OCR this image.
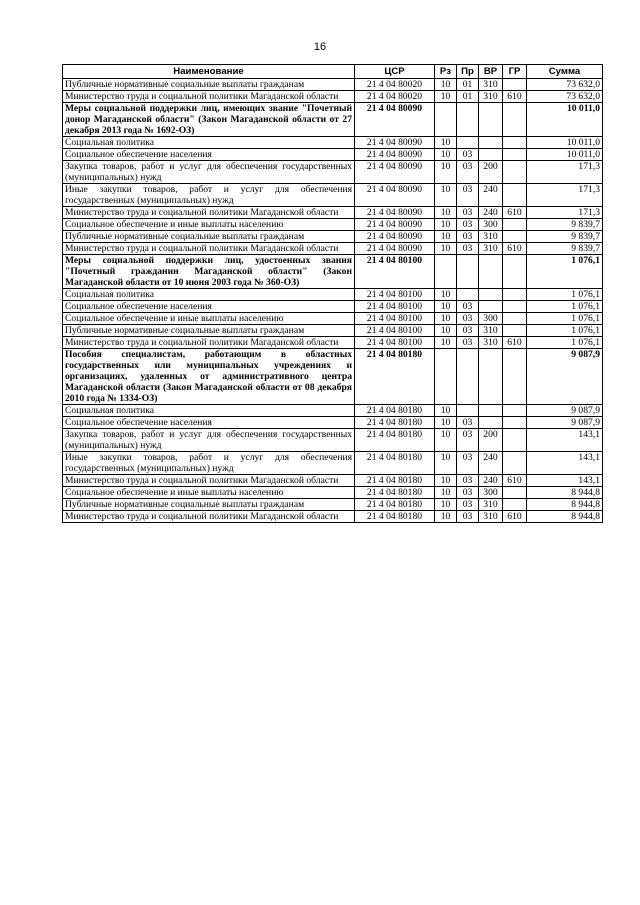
16
Наименование	ЦСР	Рз	Пр	ВР	ГР	Сумма
Публичные нормативные социальные выплаты гражданам	21 4 04 80020	10	01	310		73 632,0
Министерство труда и социальной политики Магаданской области	21 4 04 80020	10	01	310	610	73 632,0
Меры социальной поддержки лиц, имеющих звание "Почетный донор Магаданской области" (Закон Магаданской области от 27 декабря 2013 года № 1692-ОЗ)	21 4 04 80090					10 011,0
Социальная политика	21 4 04 80090	10				10 011,0
Социальное обеспечение населения	21 4 04 80090	10	03			10 011,0
Закупка товаров, работ и услуг для обеспечения государственных (муниципальных) нужд	21 4 04 80090	10	03	200		171,3
Иные закупки товаров, работ и услуг для обеспечения государственных (муниципальных) нужд	21 4 04 80090	10	03	240		171,3
Министерство труда и социальной политики Магаданской области	21 4 04 80090	10	03	240	610	171,3
Социальное обеспечение и иные выплаты населению	21 4 04 80090	10	03	300		9 839,7
Публичные нормативные социальные выплаты гражданам	21 4 04 80090	10	03	310		9 839,7
Министерство труда и социальной политики Магаданской области	21 4 04 80090	10	03	310	610	9 839,7
Меры социальной поддержки лиц, удостоенных звания "Почетный гражданин Магаданской области" (Закон Магаданской области от 10 июня 2003 года № 360-ОЗ)	21 4 04 80100					1 076,1
Социальная политика	21 4 04 80100	10				1 076,1
Социальное обеспечение населения	21 4 04 80100	10	03			1 076,1
Социальное обеспечение и иные выплаты населению	21 4 04 80100	10	03	300		1 076,1
Публичные нормативные социальные выплаты гражданам	21 4 04 80100	10	03	310		1 076,1
Министерство труда и социальной политики Магаданской области	21 4 04 80100	10	03	310	610	1 076,1
Пособия специалистам, работающим в областных государственных или муниципальных учреждениях и организациях, удаленных от административного центра Магаданской области (Закон Магаданской области от 08 декабря 2010 года № 1334-ОЗ)	21 4 04 80180					9 087,9
Социальная политика	21 4 04 80180	10				9 087,9
Социальное обеспечение населения	21 4 04 80180	10	03			9 087,9
Закупка товаров, работ и услуг для обеспечения государственных (муниципальных) нужд	21 4 04 80180	10	03	200		143,1
Иные закупки товаров, работ и услуг для обеспечения государственных (муниципальных) нужд	21 4 04 80180	10	03	240		143,1
Министерство труда и социальной политики Магаданской области	21 4 04 80180	10	03	240	610	143,1
Социальное обеспечение и иные выплаты населению	21 4 04 80180	10	03	300		8 944,8
Публичные нормативные социальные выплаты гражданам	21 4 04 80180	10	03	310		8 944,8
Министерство труда и социальной политики Магаданской области	21 4 04 80180	10	03	310	610	8 944,8
